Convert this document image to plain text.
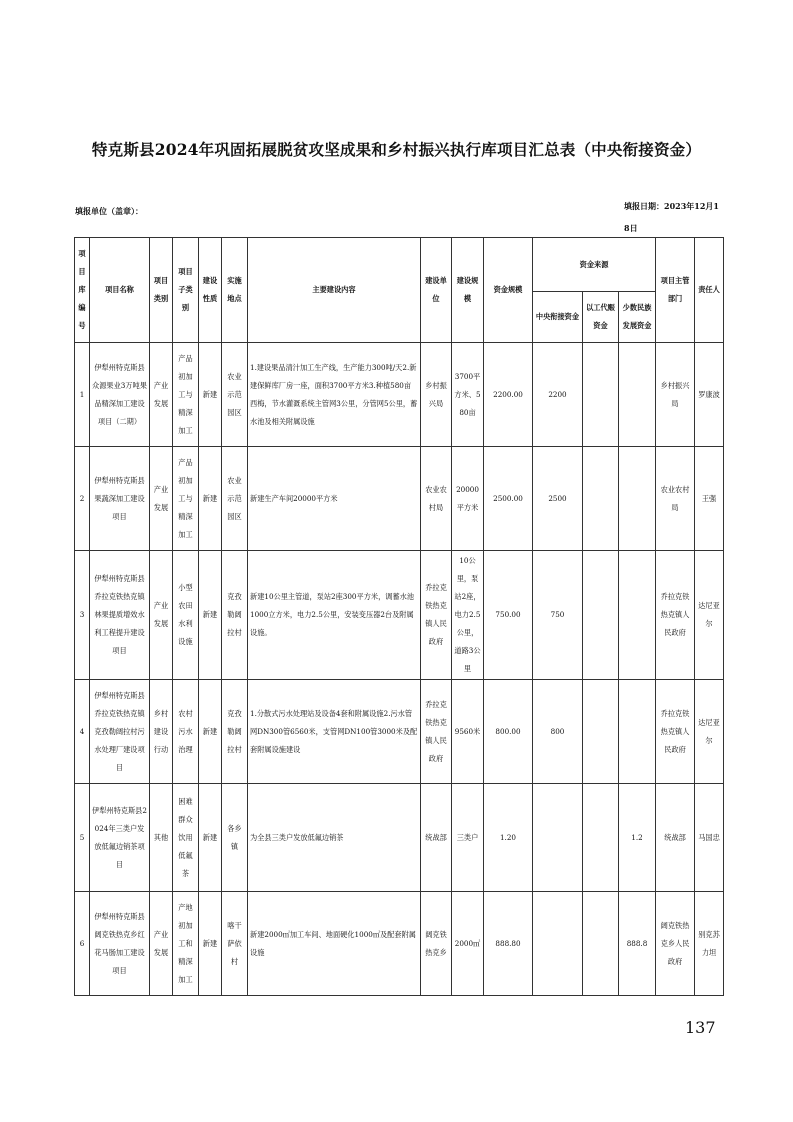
特克斯县2024年巩固拓展脱贫攻坚成果和乡村振兴执行库项目汇总表（中央衔接资金）
填报单位（盖章）：	填报日期：2023年12月18日
项目库编号	项目名称	项目类别	项目子类别	建设性质	实施地点	主要建设内容	建设单位	建设规模	资金规模	资金来源			项目主管部门	责任人
										中央衔接资金	以工代赈资金	少数民族发展资金		
1	伊犁州特克斯县众源果业3万吨果品精深加工建设项目（二期）	产业发展	产品初加工与精深加工	新建	农业示范园区	1.建设果品清汁加工生产线，生产能力300吨/天2.新建保鲜库厂房一座，面积3700平方米3.种植580亩西梅，节水灌溉系统主管网3公里，分管网5公里，蓄水池及相关附属设施	乡村振兴局	3700平方米、580亩	2200.00	2200			乡村振兴局	罗康波
2	伊犁州特克斯县果蔬深加工建设项目	产业发展	产品初加工与精深加工	新建	农业示范园区	新建生产车间20000平方米	农业农村局	20000平方米	2500.00	2500			农业农村局	王强
3	伊犁州特克斯县乔拉克铁热克镇林果提质增效水利工程提升建设项目	产业发展	小型农田水利设施	新建	克孜勒阔拉村	新建10公里主管道，泵站2座300平方米，调蓄水池1000立方米，电力2.5公里，安装变压器2台及附属设施。	乔拉克铁热克镇人民政府	10公里，泵站2座，电力2.5公里，道路3公里	750.00	750			乔拉克铁热克镇人民政府	达尼亚尔
4	伊犁州特克斯县乔拉克铁热克镇克孜勒阔拉村污水处理厂建设项目	乡村建设行动	农村污水治理	新建	克孜勒阔拉村	1.分散式污水处理站及设备4套和附属设施2.污水管网DN300管6560米，支管网DN100管3000米及配套附属设施建设	乔拉克铁热克镇人民政府	9560米	800.00	800			乔拉克铁热克镇人民政府	达尼亚尔
5	伊犁州特克斯县2024年三类户发放低氟边销茶项目	其他	困难群众饮用低氟茶	新建	各乡镇	为全县三类户发放低氟边销茶	统战部	三类户	1.20			1.2	统战部	马国忠
6	伊犁州特克斯县阔克铁热克乡红花马肠加工建设项目	产业发展	产地初加工和精深加工	新建	喀干萨依村	新建2000㎡加工车间、地面硬化1000㎡及配套附属设施	阔克铁热克乡	2000㎡	888.80			888.8	阔克铁热克乡人民政府	别克苏力坦
137
